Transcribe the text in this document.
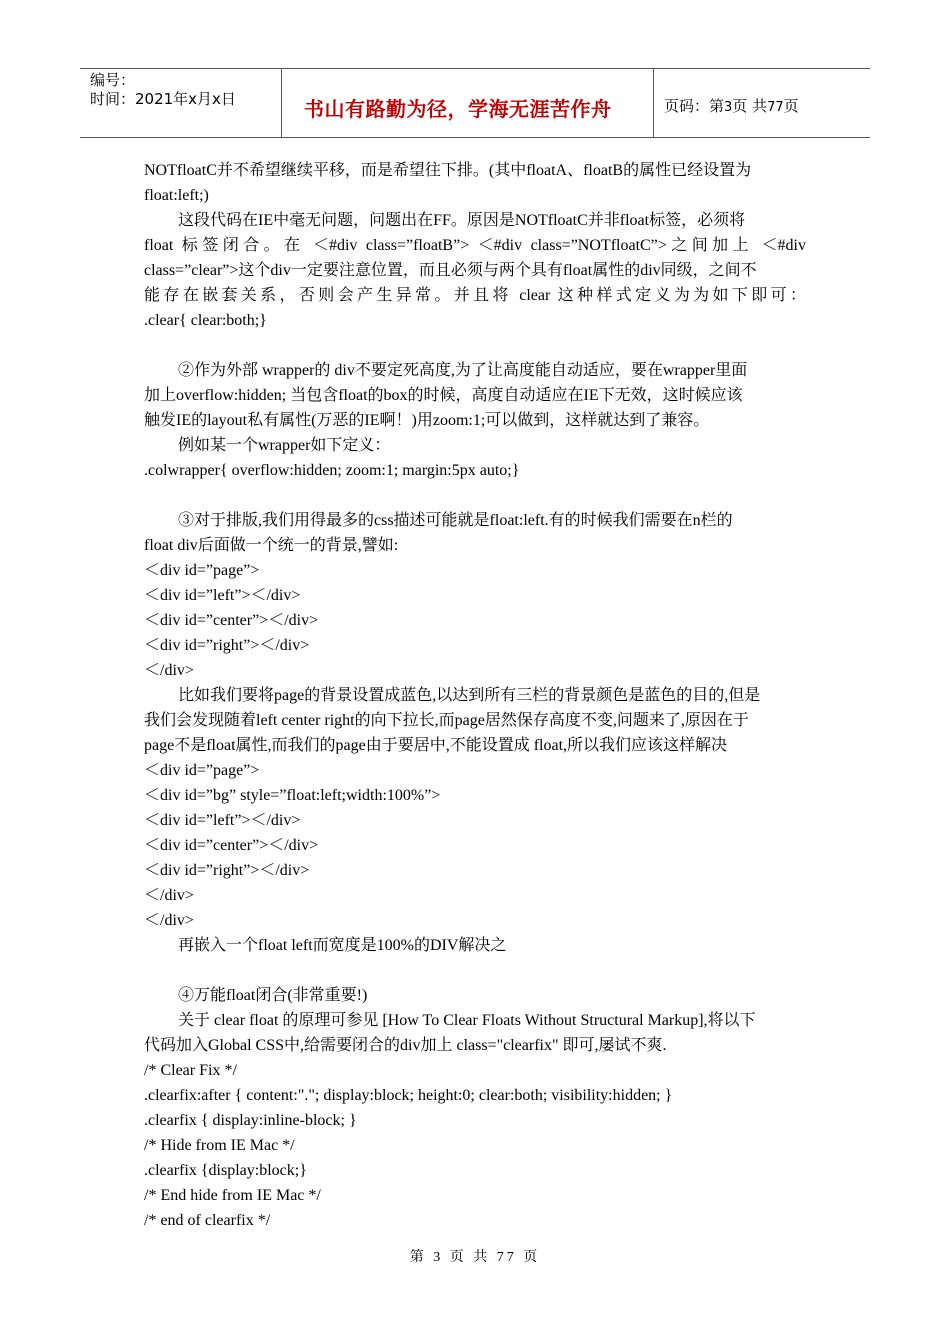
编号：
时间：2021年x月x日	书山有路勤为径，学海无涯苦作舟	页码：第3页 共77页
NOTfloatC并不希望继续平移，而是希望往下排。(其中floatA、floatB的属性已经设置为
float:left;)
这段代码在IE中毫无问题，问题出在FF。原因是NOTfloatC并非float标签，必须将
float 标签闭合。在 ＜#div class=”floatB”> ＜#div class=”NOTfloatC”>之间加上 ＜#div
class=”clear”>这个div一定要注意位置，而且必须与两个具有float属性的div同级，之间不
能存在嵌套关系，否则会产生异常。并且将 clear 这种样式定义为为如下即可：
.clear{ clear:both;}
②作为外部 wrapper的 div不要定死高度,为了让高度能自动适应，要在wrapper里面
加上overflow:hidden; 当包含float的box的时候，高度自动适应在IE下无效，这时候应该
触发IE的layout私有属性(万恶的IE啊！)用zoom:1;可以做到，这样就达到了兼容。
例如某一个wrapper如下定义：
.colwrapper{ overflow:hidden; zoom:1; margin:5px auto;}
③对于排版,我们用得最多的css描述可能就是float:left.有的时候我们需要在n栏的
float div后面做一个统一的背景,譬如:
＜div id=”page”>
＜div id=”left”>＜/div>
＜div id=”center”>＜/div>
＜div id=”right”>＜/div>
＜/div>
比如我们要将page的背景设置成蓝色,以达到所有三栏的背景颜色是蓝色的目的,但是
我们会发现随着left center right的向下拉长,而page居然保存高度不变,问题来了,原因在于
page不是float属性,而我们的page由于要居中,不能设置成 float,所以我们应该这样解决
＜div id=”page”>
＜div id=”bg” style=”float:left;width:100%”>
＜div id=”left”>＜/div>
＜div id=”center”>＜/div>
＜div id=”right”>＜/div>
＜/div>
＜/div>
再嵌入一个float left而宽度是100%的DIV解决之
④万能float闭合(非常重要!)
关于 clear float 的原理可参见 [How To Clear Floats Without Structural Markup],将以下
代码加入Global CSS中,给需要闭合的div加上 class="clearfix" 即可,屡试不爽.
/* Clear Fix */
.clearfix:after { content:"."; display:block; height:0; clear:both; visibility:hidden; }
.clearfix { display:inline-block; }
/* Hide from IE Mac */
.clearfix {display:block;}
/* End hide from IE Mac */
/* end of clearfix */
第 3 页 共 77 页
